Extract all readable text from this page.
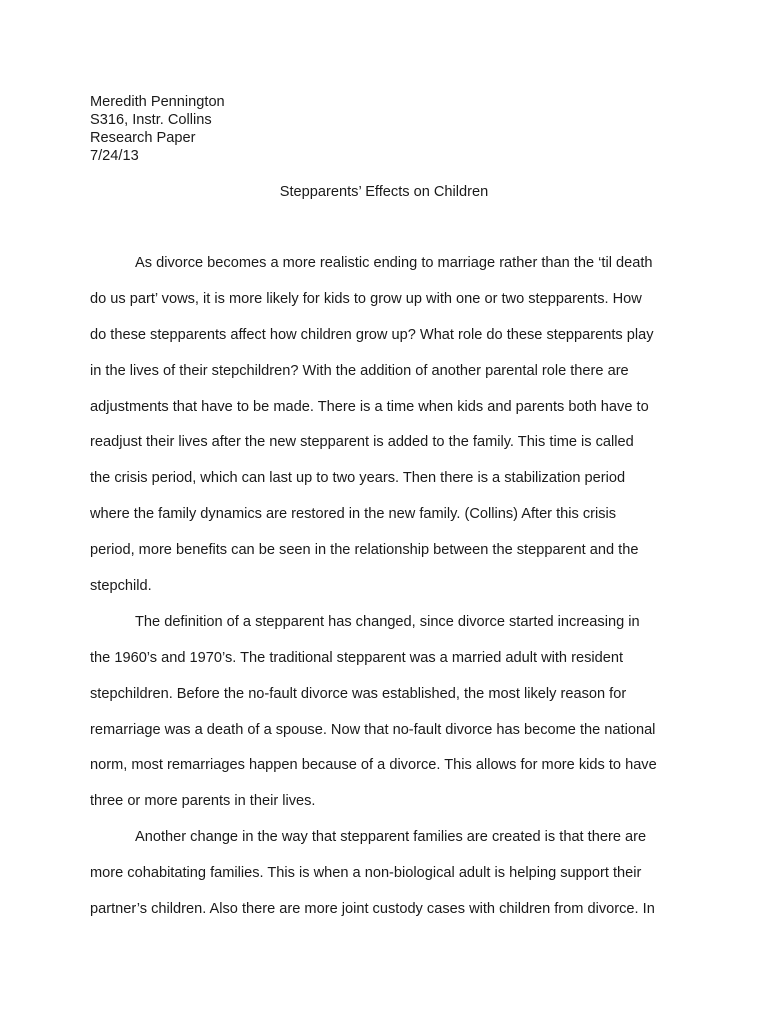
Meredith Pennington
S316, Instr. Collins
Research Paper
7/24/13
Stepparents’ Effects on Children
As divorce becomes a more realistic ending to marriage rather than the ‘til death
do us part’ vows, it is more likely for kids to grow up with one or two stepparents. How
do these stepparents affect how children grow up? What role do these stepparents play
in the lives of their stepchildren? With the addition of another parental role there are
adjustments that have to be made. There is a time when kids and parents both have to
readjust their lives after the new stepparent is added to the family. This time is called
the crisis period, which can last up to two years. Then there is a stabilization period
where the family dynamics are restored in the new family. (Collins) After this crisis
period, more benefits can be seen in the relationship between the stepparent and the
stepchild.
The definition of a stepparent has changed, since divorce started increasing in
the 1960’s and 1970’s. The traditional stepparent was a married adult with resident
stepchildren. Before the no-fault divorce was established, the most likely reason for
remarriage was a death of a spouse. Now that no-fault divorce has become the national
norm, most remarriages happen because of a divorce. This allows for more kids to have
three or more parents in their lives.
Another change in the way that stepparent families are created is that there are
more cohabitating families. This is when a non-biological adult is helping support their
partner’s children. Also there are more joint custody cases with children from divorce. In
